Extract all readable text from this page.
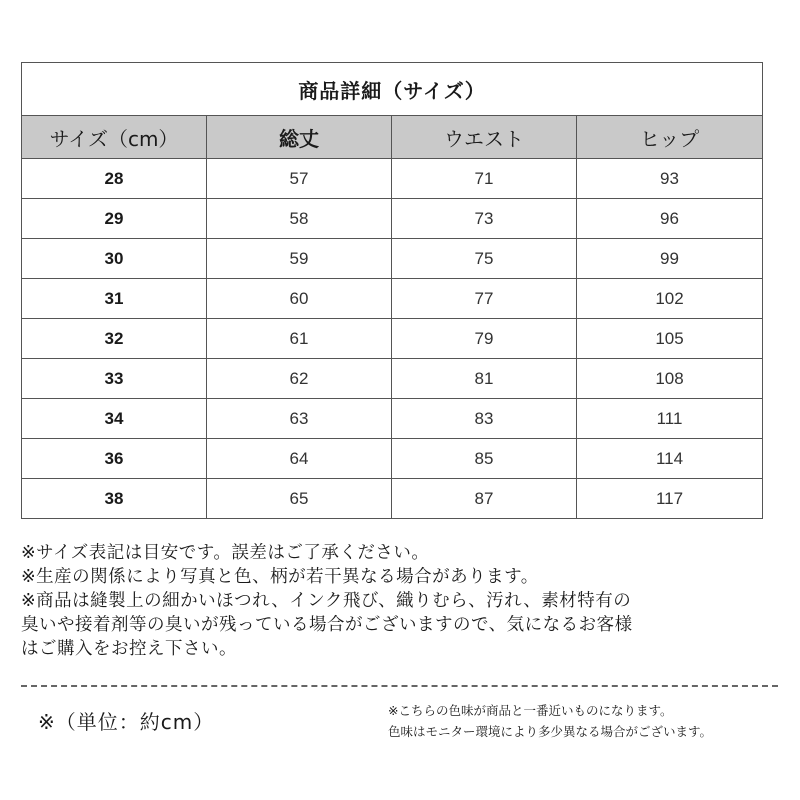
商品詳細（サイズ）			
サイズ（cm）	総丈	ウエスト	ヒップ
28	57	71	93
29	58	73	96
30	59	75	99
31	60	77	102
32	61	79	105
33	62	81	108
34	63	83	111
36	64	85	114
38	65	87	117

※サイズ表記は目安です。誤差はご了承ください。

※生産の関係により写真と色、柄が若干異なる場合があります。

※商品は縫製上の細かいほつれ、インク飛び、織りむら、汚れ、素材特有の

臭いや接着剤等の臭いが残っている場合がございますので、気になるお客様

はご購入をお控え下さい。

※（単位：約cm）	※こちらの色味が商品と一番近いものになります。

色味はモニター環境により多少異なる場合がございます。
